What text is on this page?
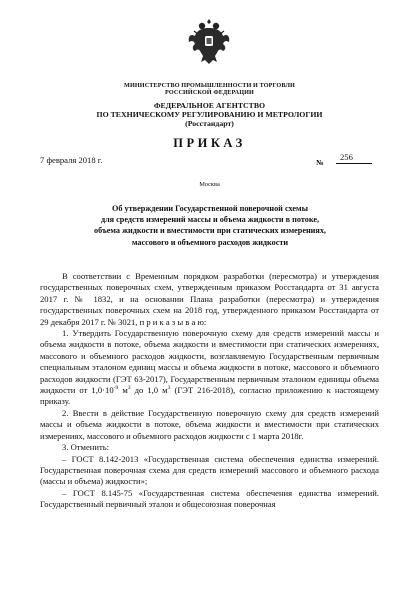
МИНИСТЕРСТВО ПРОМЫШЛЕННОСТИ И ТОРГОВЛИ
РОССИЙСКОЙ ФЕДЕРАЦИИ
ФЕДЕРАЛЬНОЕ АГЕНТСТВО
ПО ТЕХНИЧЕСКОМУ РЕГУЛИРОВАНИЮ И МЕТРОЛОГИИ
(Росстандарт)
ПРИКАЗ
7 февраля 2018 г.	№
256
Москва
Об утверждении Государственной поверочной схемы
для средств измерений массы и объема жидкости в потоке,
объема жидкости и вместимости при статических измерениях,
массового и объемного расходов жидкости

В соответствии с Временным порядком разработки (пересмотра) и утверждения государственных поверочных схем, утвержденным приказом Росстандарта от 31 августа 2017 г. № 1832, и на основании Плана разработки (пересмотра) и утверждения государственных поверочных схем на 2018 год, утвержденного приказом Росстандарта от 29 декабря 2017 г. № 3021, п р и к а з ы в а ю:

1. Утвердить Государственную поверочную схему для средств измерений массы и объема жидкости в потоке, объема жидкости и вместимости при статических измерениях, массового и объемного расходов жидкости, возглавляемую Государственным первичным специальным эталоном единиц массы и объема жидкости в потоке, массового и объемного расходов жидкости (ГЭТ 63-2017), Государственным первичным эталоном единицы объема жидкости от $1,0\cdot 10^{-9}$ $м^3$ до 1,0 $м^3$ (ГЭТ 216-2018), согласно приложению к настоящему приказу.

2. Ввести в действие Государственную поверочную схему для средств измерений массы и объема жидкости в потоке, объема жидкости и вместимости при статических измерениях, массового и объемного расходов жидкости с 1 марта 2018г.

3. Отменить:

– ГОСТ 8.142-2013 «Государственная система обеспечения единства измерений. Государственная поверочная схема для средств измерений массового и объемного расхода (массы и объема) жидкости»;

– ГОСТ 8.145-75 «Государственная система обеспечения единства измерений. Государственный первичный эталон и общесоюзная поверочная
